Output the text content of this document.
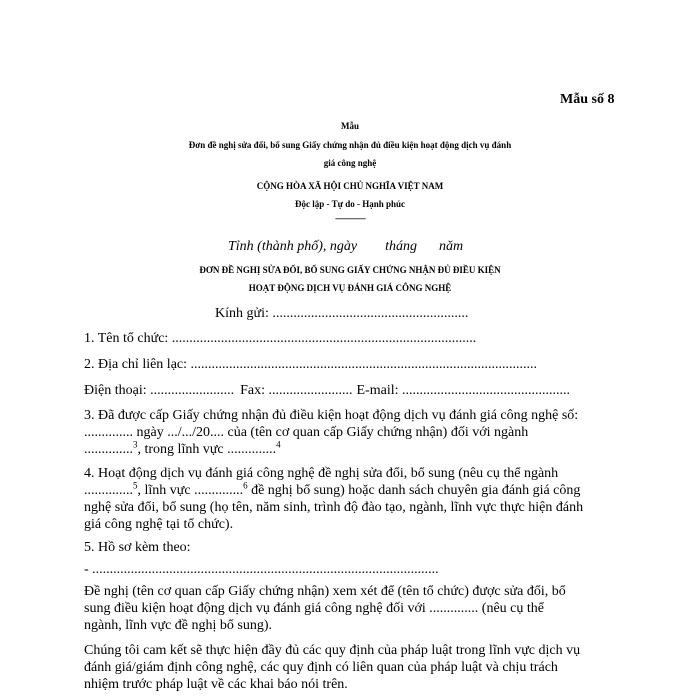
Mẫu số 8
Mẫu
Đơn đề nghị sửa đổi, bổ sung Giấy chứng nhận đủ điều kiện hoạt động dịch vụ đánh
giá công nghệ
CỘNG HÒA XÃ HỘI CHỦ NGHĨA VIỆT NAM
Độc lập - Tự do - Hạnh phúc
---------------
Tỉnh (thành phố), ngày tháng năm
ĐƠN ĐỀ NGHỊ SỬA ĐỔI, BỔ SUNG GIẤY CHỨNG NHẬN ĐỦ ĐIỀU KIỆN
HOẠT ĐỘNG DỊCH VỤ ĐÁNH GIÁ CÔNG NGHỆ
Kính gửi: ........................................................
1. Tên tổ chức: .......................................................................................
2. Địa chỉ liên lạc: ...................................................................................................
Điện thoại: ........................ Fax: ........................ E-mail: ................................................
3. Đã được cấp Giấy chứng nhận đủ điều kiện hoạt động dịch vụ đánh giá công nghệ số:
.............. ngày .../.../20.... của (tên cơ quan cấp Giấy chứng nhận) đối với ngành
..............$^3$, trong lĩnh vực ..............$^4$
4. Hoạt động dịch vụ đánh giá công nghệ đề nghị sửa đổi, bổ sung (nêu cụ thể ngành
..............$^5$, lĩnh vực ..............$^6$ đề nghị bổ sung) hoặc danh sách chuyên gia đánh giá công
nghệ sửa đổi, bổ sung (họ tên, năm sinh, trình độ đào tạo, ngành, lĩnh vực thực hiện đánh
giá công nghệ tại tổ chức).
5. Hồ sơ kèm theo:
- ...................................................................................................
Đề nghị (tên cơ quan cấp Giấy chứng nhận) xem xét để (tên tổ chức) được sửa đổi, bổ
sung điều kiện hoạt động dịch vụ đánh giá công nghệ đối với .............. (nêu cụ thể
ngành, lĩnh vực đề nghị bổ sung).
Chúng tôi cam kết sẽ thực hiện đầy đủ các quy định của pháp luật trong lĩnh vực dịch vụ
đánh giá/giám định công nghệ, các quy định có liên quan của pháp luật và chịu trách
nhiệm trước pháp luật về các khai báo nói trên.
